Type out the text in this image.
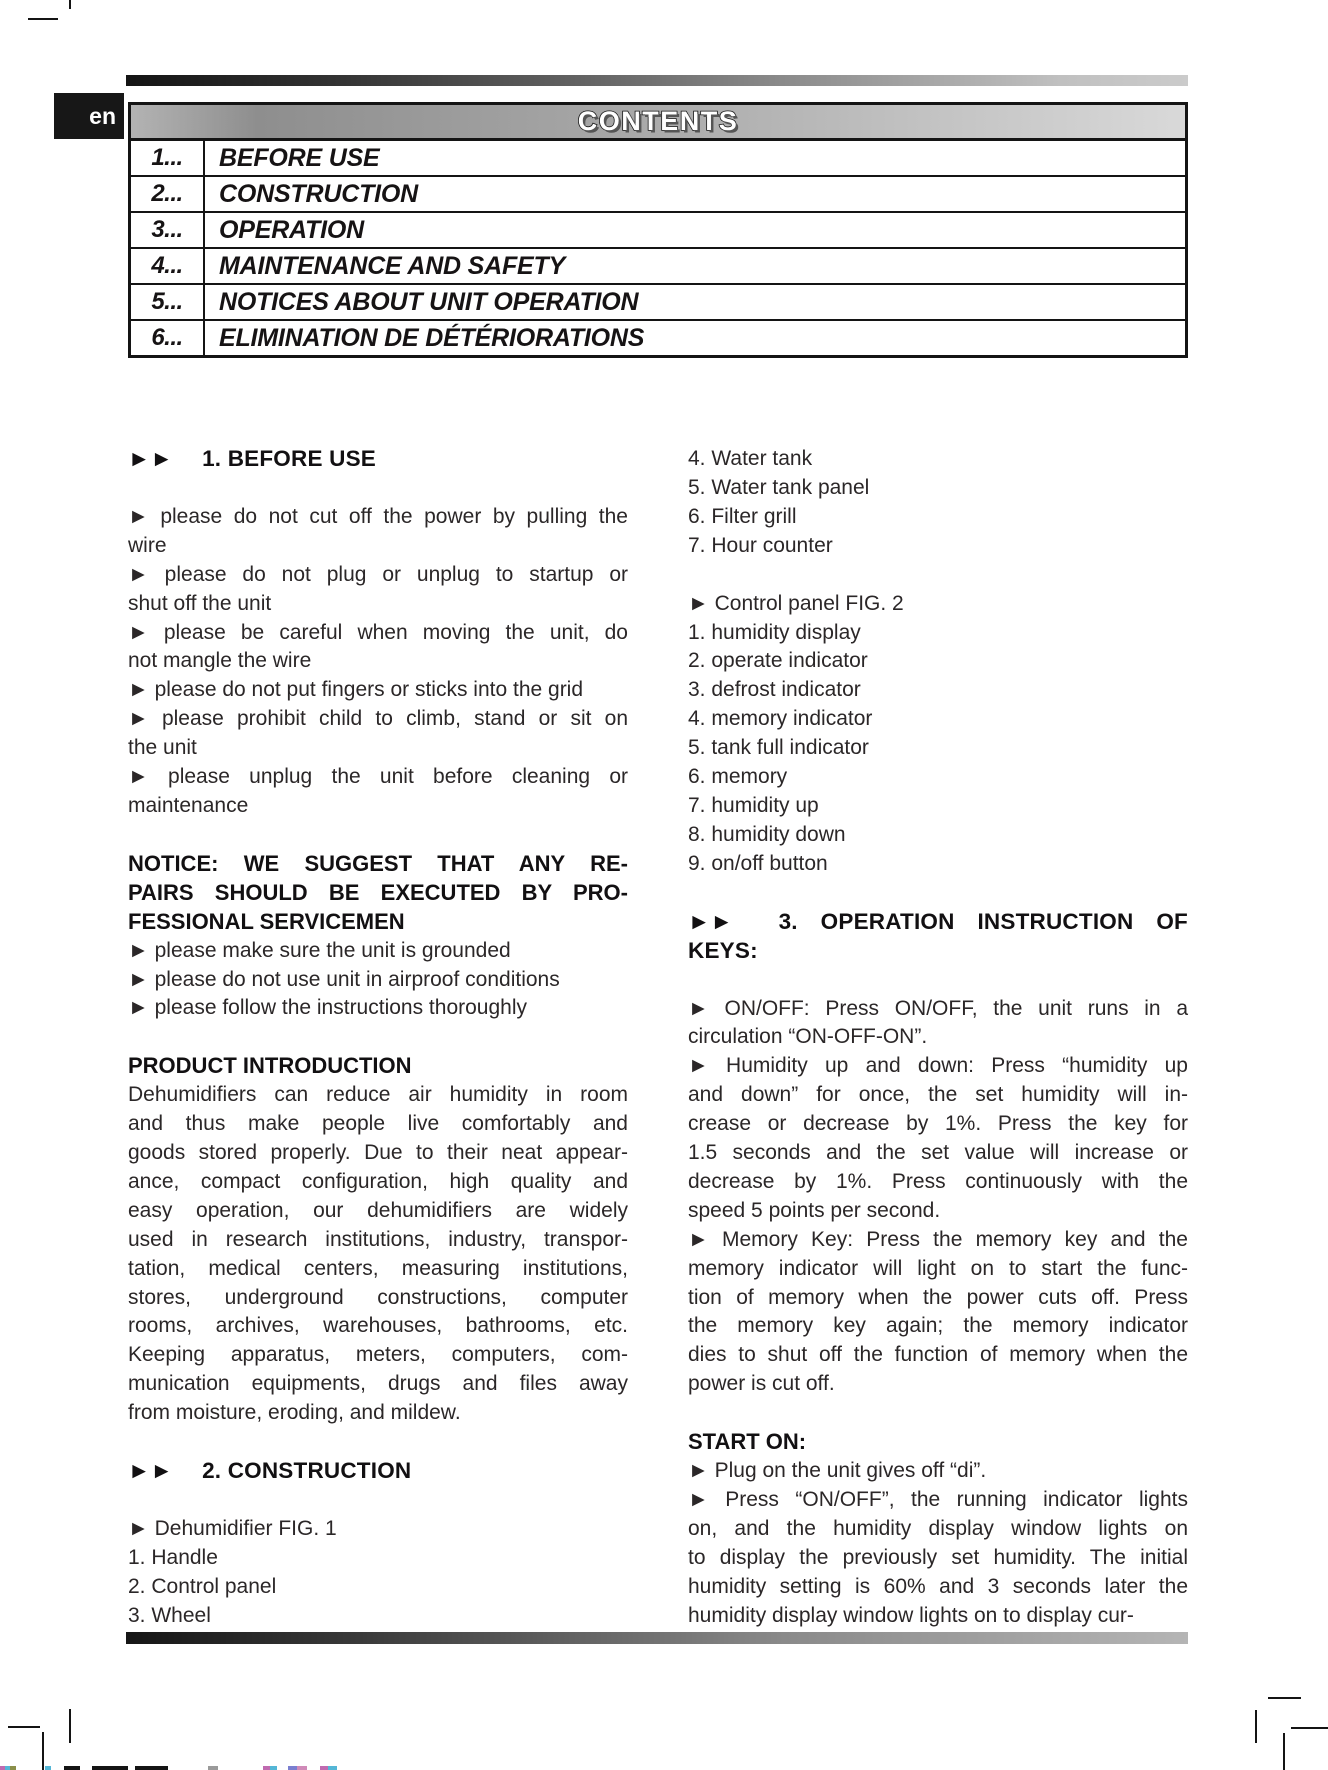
en	CONTENTS
1...	BEFORE USE
2...	CONSTRUCTION
3...	OPERATION
4...	MAINTENANCE AND SAFETY
5...	NOTICES ABOUT UNIT OPERATION
6...	ELIMINATION DE DÉTÉRIORATIONS
►►  1. BEFORE USE
► please do not cut off the power by pulling the
wire
► please do not plug or unplug to startup or
shut off the unit
► please be careful when moving the unit, do
not mangle the wire
► please do not put fingers or sticks into the grid
► please prohibit child to climb, stand or sit on
the unit
► please unplug the unit before cleaning or
maintenance
NOTICE: WE SUGGEST THAT ANY RE-
PAIRS SHOULD BE EXECUTED BY PRO-
FESSIONAL SERVICEMEN
► please make sure the unit is grounded
► please do not use unit in airproof conditions
► please follow the instructions thoroughly
PRODUCT INTRODUCTION
Dehumidifiers can reduce air humidity in room
and thus make people live comfortably and
goods stored properly. Due to their neat appear-
ance, compact configuration, high quality and
easy operation, our dehumidifiers are widely
used in research institutions, industry, transpor-
tation, medical centers, measuring institutions,
stores, underground constructions, computer
rooms, archives, warehouses, bathrooms, etc.
Keeping apparatus, meters, computers, com-
munication equipments, drugs and files away
from moisture, eroding, and mildew.
►►  2. CONSTRUCTION
► Dehumidifier FIG. 1
1. Handle
2. Control panel
3. Wheel
4. Water tank
5. Water tank panel
6. Filter grill
7. Hour counter
► Control panel FIG. 2
1. humidity display
2. operate indicator
3. defrost indicator
4. memory indicator
5. tank full indicator
6. memory
7. humidity up
8. humidity down
9. on/off button
►►  3. OPERATION INSTRUCTION OF
KEYS:
► ON/OFF: Press ON/OFF, the unit runs in a
circulation “ON-OFF-ON”.
► Humidity up and down: Press “humidity up
and down” for once, the set humidity will in-
crease or decrease by 1%. Press the key for
1.5 seconds and the set value will increase or
decrease by 1%. Press continuously with the
speed 5 points per second.
► Memory Key: Press the memory key and the
memory indicator will light on to start the func-
tion of memory when the power cuts off. Press
the memory key again; the memory indicator
dies to shut off the function of memory when the
power is cut off.
START ON:
► Plug on the unit gives off “di”.
► Press “ON/OFF”, the running indicator lights
on, and the humidity display window lights on
to display the previously set humidity. The initial
humidity setting is 60% and 3 seconds later the
humidity display window lights on to display cur-
